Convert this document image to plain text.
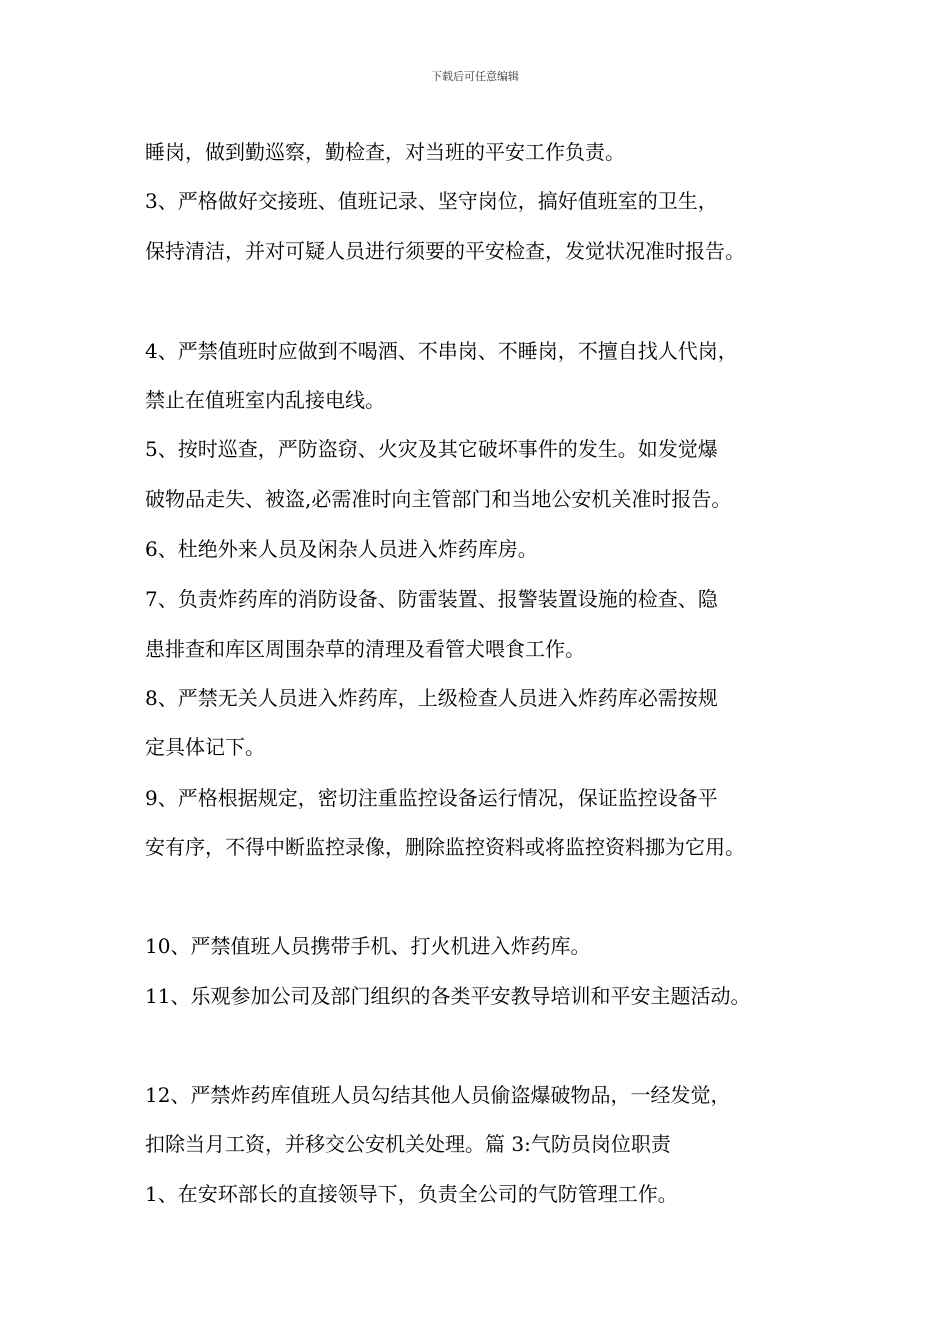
下载后可任意编辑
睡岗，做到勤巡察，勤检查，对当班的平安工作负责。
3、严格做好交接班、值班记录、坚守岗位，搞好值班室的卫生，
保持清洁，并对可疑人员进行须要的平安检查，发觉状况准时报告。
4、严禁值班时应做到不喝酒、不串岗、不睡岗，不擅自找人代岗，
禁止在值班室内乱接电线。
5、按时巡查，严防盗窃、火灾及其它破坏事件的发生。如发觉爆
破物品走失、被盗,必需准时向主管部门和当地公安机关准时报告。
6、杜绝外来人员及闲杂人员进入炸药库房。
7、负责炸药库的消防设备、防雷装置、报警装置设施的检查、隐
患排查和库区周围杂草的清理及看管犬喂食工作。
8、严禁无关人员进入炸药库，上级检查人员进入炸药库必需按规
定具体记下。
9、严格根据规定，密切注重监控设备运行情况，保证监控设备平
安有序，不得中断监控录像，删除监控资料或将监控资料挪为它用。
10、严禁值班人员携带手机、打火机进入炸药库。
11、乐观参加公司及部门组织的各类平安教导培训和平安主题活动。
12、严禁炸药库值班人员勾结其他人员偷盗爆破物品，一经发觉，
扣除当月工资，并移交公安机关处理。篇 3:气防员岗位职责
1、在安环部长的直接领导下，负责全公司的气防管理工作。
